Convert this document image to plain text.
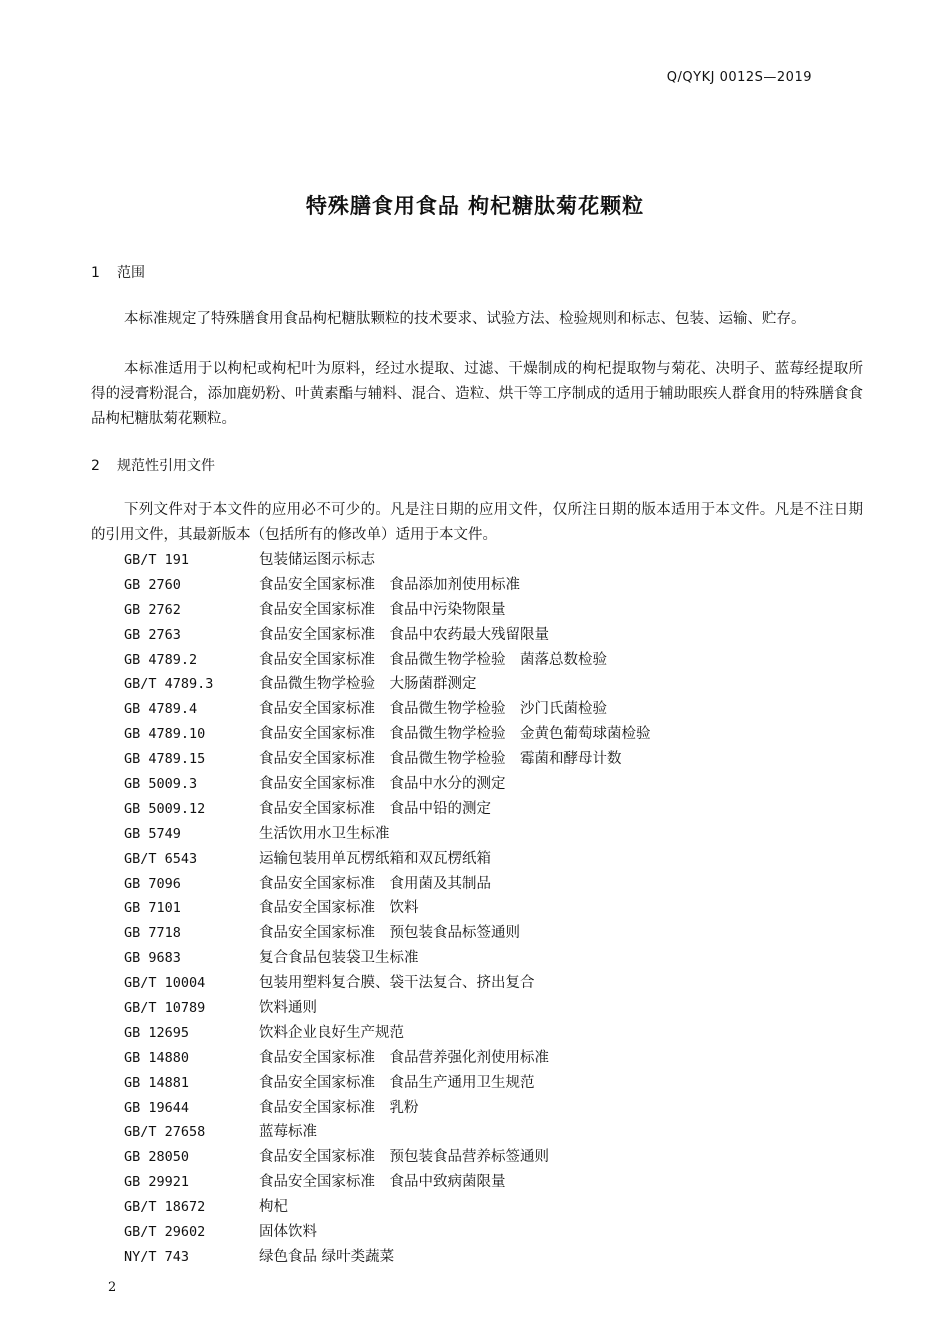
Q/QYKJ 0012S—2019
特殊膳食用食品 枸杞糖肽菊花颗粒
1 范围

本标准规定了特殊膳食用食品枸杞糖肽颗粒的技术要求、试验方法、检验规则和标志、包装、运输、贮存。

本标准适用于以枸杞或枸杞叶为原料，经过水提取、过滤、干燥制成的枸杞提取物与菊花、决明子、蓝莓经提取所得的浸膏粉混合，添加鹿奶粉、叶黄素酯与辅料、混合、造粒、烘干等工序制成的适用于辅助眼疾人群食用的特殊膳食食品枸杞糖肽菊花颗粒。

2 规范性引用文件

下列文件对于本文件的应用必不可少的。凡是注日期的应用文件，仅所注日期的版本适用于本文件。凡是不注日期的引用文件，其最新版本（包括所有的修改单）适用于本文件。

GB/T 191	包装储运图示标志
GB 2760	食品安全国家标准　食品添加剂使用标准
GB 2762	食品安全国家标准　食品中污染物限量
GB 2763	食品安全国家标准　食品中农药最大残留限量
GB 4789.2	食品安全国家标准　食品微生物学检验　菌落总数检验
GB/T 4789.3	食品微生物学检验　大肠菌群测定
GB 4789.4	食品安全国家标准　食品微生物学检验　沙门氏菌检验
GB 4789.10	食品安全国家标准　食品微生物学检验　金黄色葡萄球菌检验
GB 4789.15	食品安全国家标准　食品微生物学检验　霉菌和酵母计数
GB 5009.3	食品安全国家标准　食品中水分的测定
GB 5009.12	食品安全国家标准　食品中铅的测定
GB 5749	生活饮用水卫生标准
GB/T 6543	运输包装用单瓦楞纸箱和双瓦楞纸箱
GB 7096	食品安全国家标准　食用菌及其制品
GB 7101	食品安全国家标准　饮料
GB 7718	食品安全国家标准　预包装食品标签通则
GB 9683	复合食品包装袋卫生标准
GB/T 10004	包装用塑料复合膜、袋干法复合、挤出复合
GB/T 10789	饮料通则
GB 12695	饮料企业良好生产规范
GB 14880	食品安全国家标准　食品营养强化剂使用标准
GB 14881	食品安全国家标准　食品生产通用卫生规范
GB 19644	食品安全国家标准　乳粉
GB/T 27658	蓝莓标准
GB 28050	食品安全国家标准　预包装食品营养标签通则
GB 29921	食品安全国家标准　食品中致病菌限量
GB/T 18672	枸杞
GB/T 29602	固体饮料
NY/T 743	绿色食品 绿叶类蔬菜
2
